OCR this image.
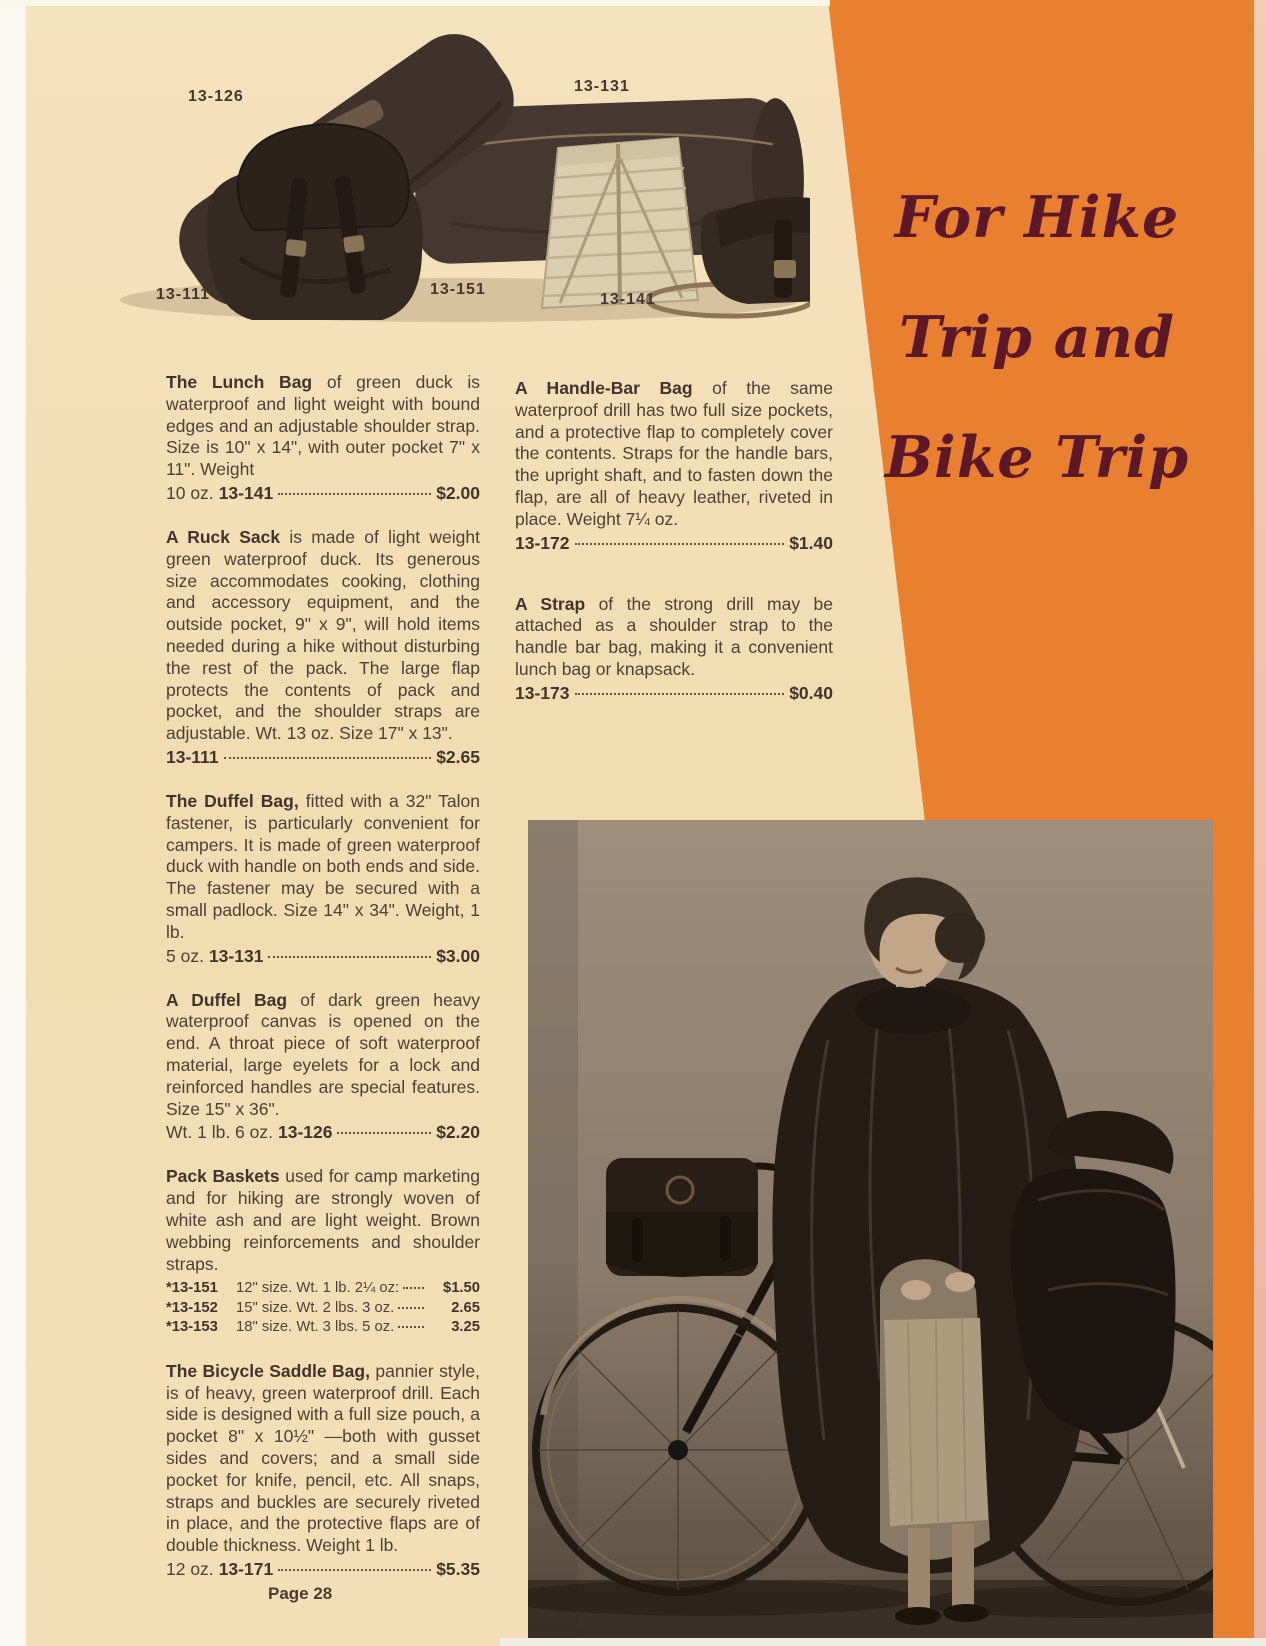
For Hike
Trip and
Bike Trip
13-126
13-131
13-111	13-151
13-141

The Lunch Bag of green duck is waterproof and light weight with bound edges and an adjustable shoulder strap. Size is 10" x 14", with outer pocket 7" x 11". Weight

10 oz. 13-141	$2.00

A Ruck Sack is made of light weight green waterproof duck. Its generous size accommodates cooking, clothing and accessory equipment, and the outside pocket, 9" x 9", will hold items needed during a hike without disturbing the rest of the pack. The large flap protects the contents of pack and pocket, and the shoulder straps are adjustable. Wt. 13 oz. Size 17" x 13".

13-111	$2.65

The Duffel Bag, fitted with a 32" Talon fastener, is particularly convenient for campers. It is made of green waterproof duck with handle on both ends and side. The fastener may be secured with a small padlock. Size 14" x 34". Weight, 1 lb.

5 oz. 13-131	$3.00

A Duffel Bag of dark green heavy waterproof canvas is opened on the end. A throat piece of soft waterproof material, large eyelets for a lock and reinforced handles are special features. Size 15" x 36".

Wt. 1 lb. 6 oz. 13-126	$2.20

Pack Baskets used for camp marketing and for hiking are strongly woven of white ash and are light weight. Brown webbing reinforcements and shoulder straps.

*13-151	12" size. Wt. 1 lb. 2¼ oz:	$1.50
*13-152	15" size. Wt. 2 lbs. 3 oz.	2.65
*13-153	18" size. Wt. 3 lbs. 5 oz.	3.25

The Bicycle Saddle Bag, pannier style, is of heavy, green waterproof drill. Each side is designed with a full size pouch, a pocket 8" x 10½" —both with gusset sides and covers; and a small side pocket for knife, pencil, etc. All snaps, straps and buckles are securely riveted in place, and the protective flaps are of double thickness. Weight 1 lb.

12 oz. 13-171	$5.35

A Handle-Bar Bag of the same waterproof drill has two full size pockets, and a protective flap to completely cover the contents. Straps for the handle bars, the upright shaft, and to fasten down the flap, are all of heavy leather, riveted in place. Weight 7¼ oz.

13-172	$1.40

A Strap of the strong drill may be attached as a shoulder strap to the handle bar bag, making it a convenient lunch bag or knapsack.

13-173	$0.40
Page 28
